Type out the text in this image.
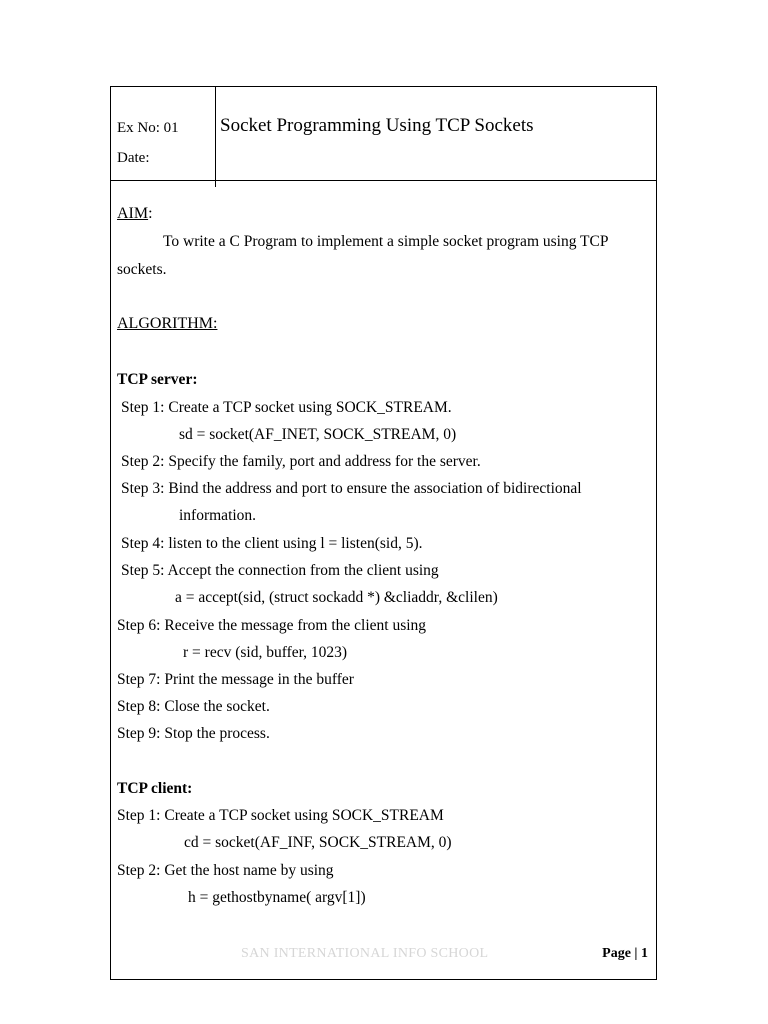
Ex No: 01
Date:
Socket Programming Using TCP Sockets
AIM:
To write a C Program to implement a simple socket program using TCP
sockets.
ALGORITHM:
TCP server:
Step 1: Create a TCP socket using SOCK_STREAM.
sd = socket(AF_INET, SOCK_STREAM, 0)
Step 2: Specify the family, port and address for the server.
Step 3: Bind the address and port to ensure the association of bidirectional
information.
Step 4: listen to the client using l = listen(sid, 5).
Step 5: Accept the connection from the client using
a = accept(sid, (struct sockadd *) &cliaddr, &clilen)
Step 6: Receive the message from the client using
r = recv (sid, buffer, 1023)
Step 7: Print the message in the buffer
Step 8: Close the socket.
Step 9: Stop the process.
TCP client:
Step 1: Create a TCP socket using SOCK_STREAM
cd = socket(AF_INF, SOCK_STREAM, 0)
Step 2: Get the host name by using
h = gethostbyname( argv[1])
SAN INTERNATIONAL INFO SCHOOL	Page | 1
